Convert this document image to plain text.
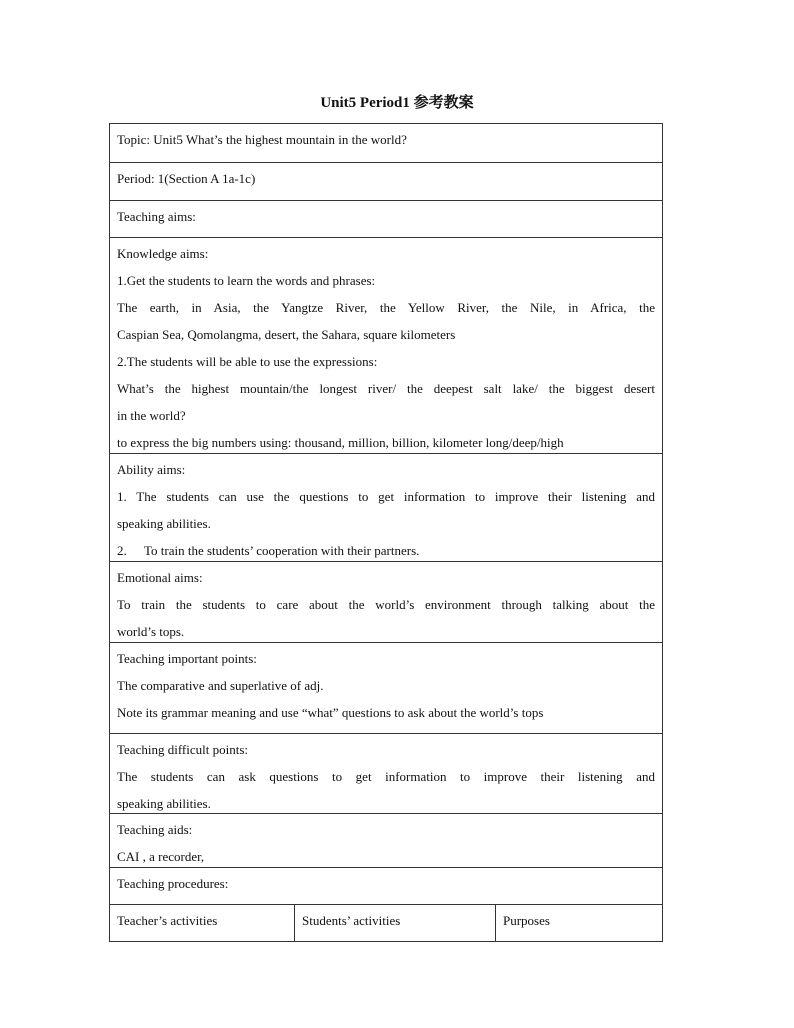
Unit5 Period1 参考教案
Topic: Unit5 What’s the highest mountain in the world?
Period: 1(Section A 1a-1c)
Teaching aims:
Knowledge aims:
1.Get the students to learn the words and phrases:
The earth, in Asia, the Yangtze River, the Yellow River, the Nile, in Africa, the
Caspian Sea, Qomolangma, desert, the Sahara, square kilometers
2.The students will be able to use the expressions:
What’s the highest mountain/the longest river/ the deepest salt lake/ the biggest desert
in the world?
to express the big numbers using: thousand, million, billion, kilometer long/deep/high
Ability aims:
1. The students can use the questions to get information to improve their listening and
speaking abilities.
2. To train the students’ cooperation with their partners.
Emotional aims:
To train the students to care about the world’s environment through talking about the
world’s tops.
Teaching important points:
The comparative and superlative of adj.
Note its grammar meaning and use “what” questions to ask about the world’s tops
Teaching difficult points:
The students can ask questions to get information to improve their listening and
speaking abilities.
Teaching aids:
CAI , a recorder,
Teaching procedures:
Teacher’s activities	Students’ activities	Purposes
